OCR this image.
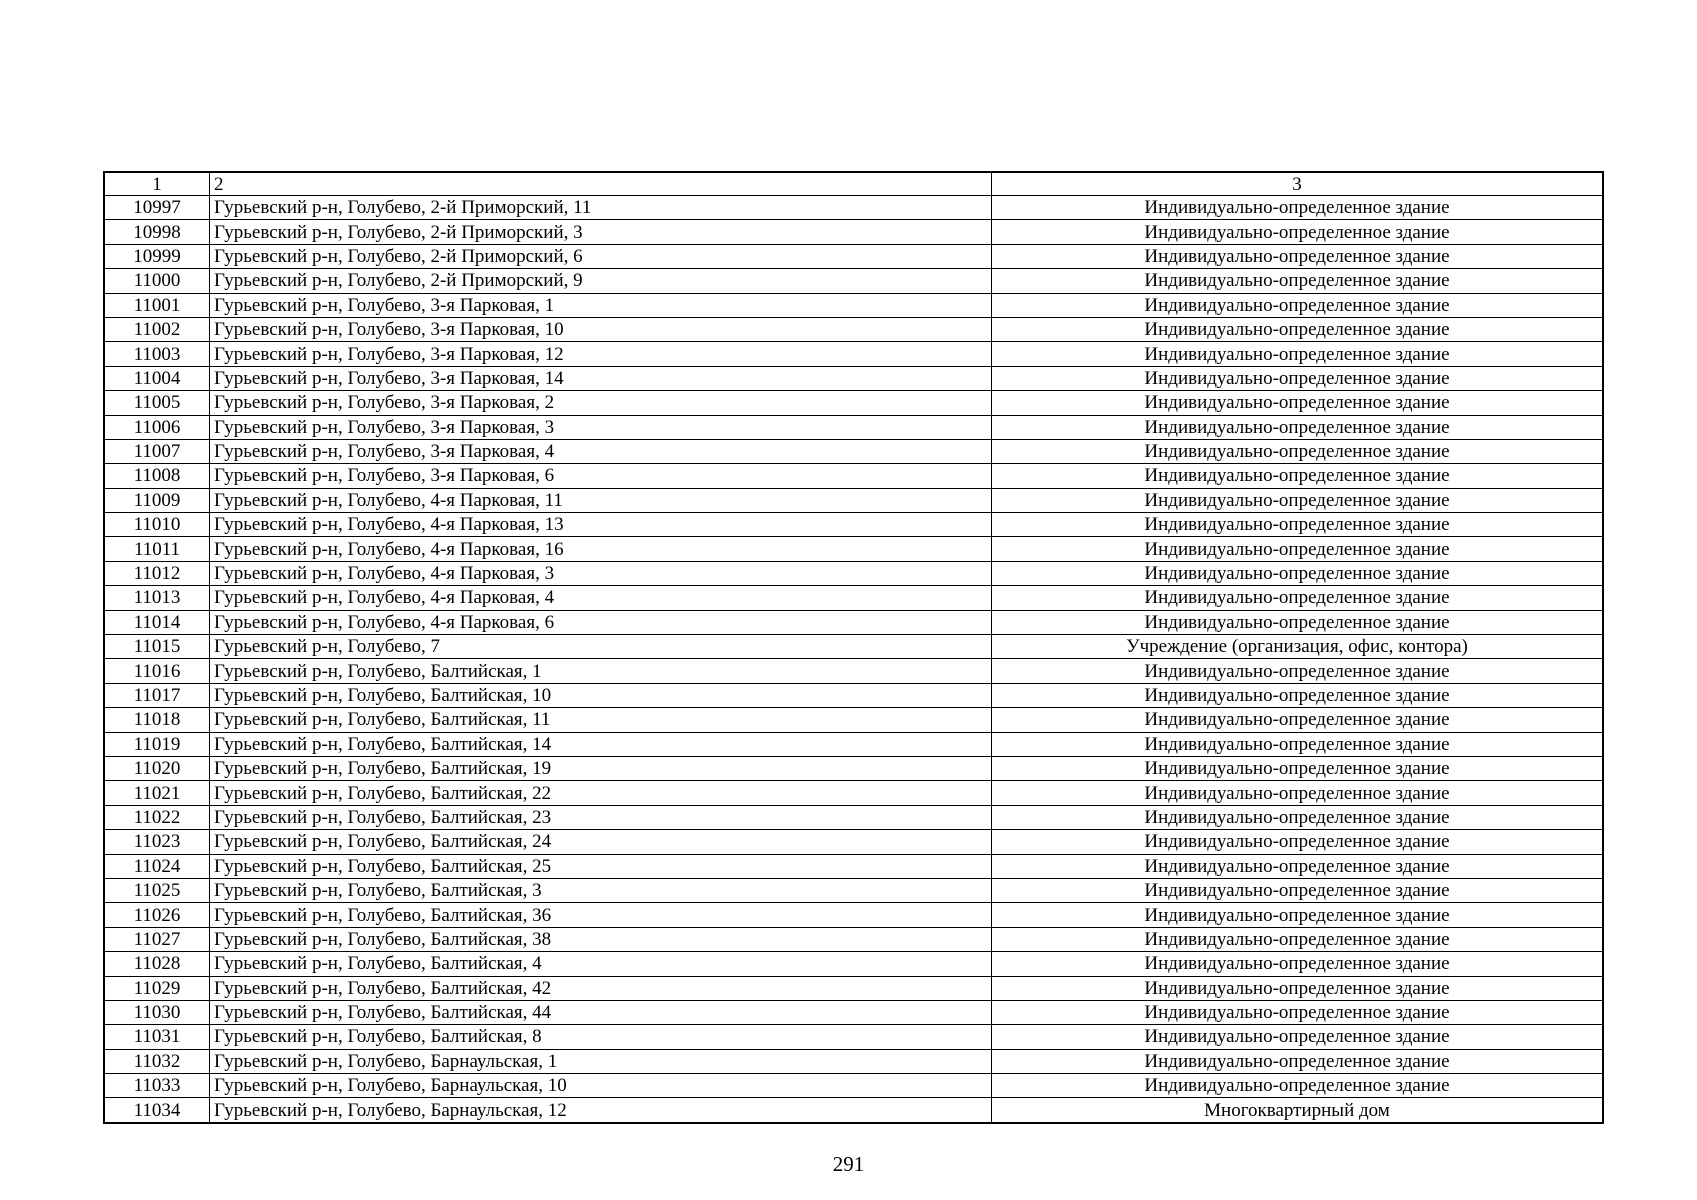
1	2	3
10997	Гурьевский р-н, Голубево, 2-й Приморский, 11	Индивидуально-определенное здание
10998	Гурьевский р-н, Голубево, 2-й Приморский, 3	Индивидуально-определенное здание
10999	Гурьевский р-н, Голубево, 2-й Приморский, 6	Индивидуально-определенное здание
11000	Гурьевский р-н, Голубево, 2-й Приморский, 9	Индивидуально-определенное здание
11001	Гурьевский р-н, Голубево, 3-я Парковая, 1	Индивидуально-определенное здание
11002	Гурьевский р-н, Голубево, 3-я Парковая, 10	Индивидуально-определенное здание
11003	Гурьевский р-н, Голубево, 3-я Парковая, 12	Индивидуально-определенное здание
11004	Гурьевский р-н, Голубево, 3-я Парковая, 14	Индивидуально-определенное здание
11005	Гурьевский р-н, Голубево, 3-я Парковая, 2	Индивидуально-определенное здание
11006	Гурьевский р-н, Голубево, 3-я Парковая, 3	Индивидуально-определенное здание
11007	Гурьевский р-н, Голубево, 3-я Парковая, 4	Индивидуально-определенное здание
11008	Гурьевский р-н, Голубево, 3-я Парковая, 6	Индивидуально-определенное здание
11009	Гурьевский р-н, Голубево, 4-я Парковая, 11	Индивидуально-определенное здание
11010	Гурьевский р-н, Голубево, 4-я Парковая, 13	Индивидуально-определенное здание
11011	Гурьевский р-н, Голубево, 4-я Парковая, 16	Индивидуально-определенное здание
11012	Гурьевский р-н, Голубево, 4-я Парковая, 3	Индивидуально-определенное здание
11013	Гурьевский р-н, Голубево, 4-я Парковая, 4	Индивидуально-определенное здание
11014	Гурьевский р-н, Голубево, 4-я Парковая, 6	Индивидуально-определенное здание
11015	Гурьевский р-н, Голубево, 7	Учреждение (организация, офис, контора)
11016	Гурьевский р-н, Голубево, Балтийская, 1	Индивидуально-определенное здание
11017	Гурьевский р-н, Голубево, Балтийская, 10	Индивидуально-определенное здание
11018	Гурьевский р-н, Голубево, Балтийская, 11	Индивидуально-определенное здание
11019	Гурьевский р-н, Голубево, Балтийская, 14	Индивидуально-определенное здание
11020	Гурьевский р-н, Голубево, Балтийская, 19	Индивидуально-определенное здание
11021	Гурьевский р-н, Голубево, Балтийская, 22	Индивидуально-определенное здание
11022	Гурьевский р-н, Голубево, Балтийская, 23	Индивидуально-определенное здание
11023	Гурьевский р-н, Голубево, Балтийская, 24	Индивидуально-определенное здание
11024	Гурьевский р-н, Голубево, Балтийская, 25	Индивидуально-определенное здание
11025	Гурьевский р-н, Голубево, Балтийская, 3	Индивидуально-определенное здание
11026	Гурьевский р-н, Голубево, Балтийская, 36	Индивидуально-определенное здание
11027	Гурьевский р-н, Голубево, Балтийская, 38	Индивидуально-определенное здание
11028	Гурьевский р-н, Голубево, Балтийская, 4	Индивидуально-определенное здание
11029	Гурьевский р-н, Голубево, Балтийская, 42	Индивидуально-определенное здание
11030	Гурьевский р-н, Голубево, Балтийская, 44	Индивидуально-определенное здание
11031	Гурьевский р-н, Голубево, Балтийская, 8	Индивидуально-определенное здание
11032	Гурьевский р-н, Голубево, Барнаульская, 1	Индивидуально-определенное здание
11033	Гурьевский р-н, Голубево, Барнаульская, 10	Индивидуально-определенное здание
11034	Гурьевский р-н, Голубево, Барнаульская, 12	Многоквартирный дом
291
